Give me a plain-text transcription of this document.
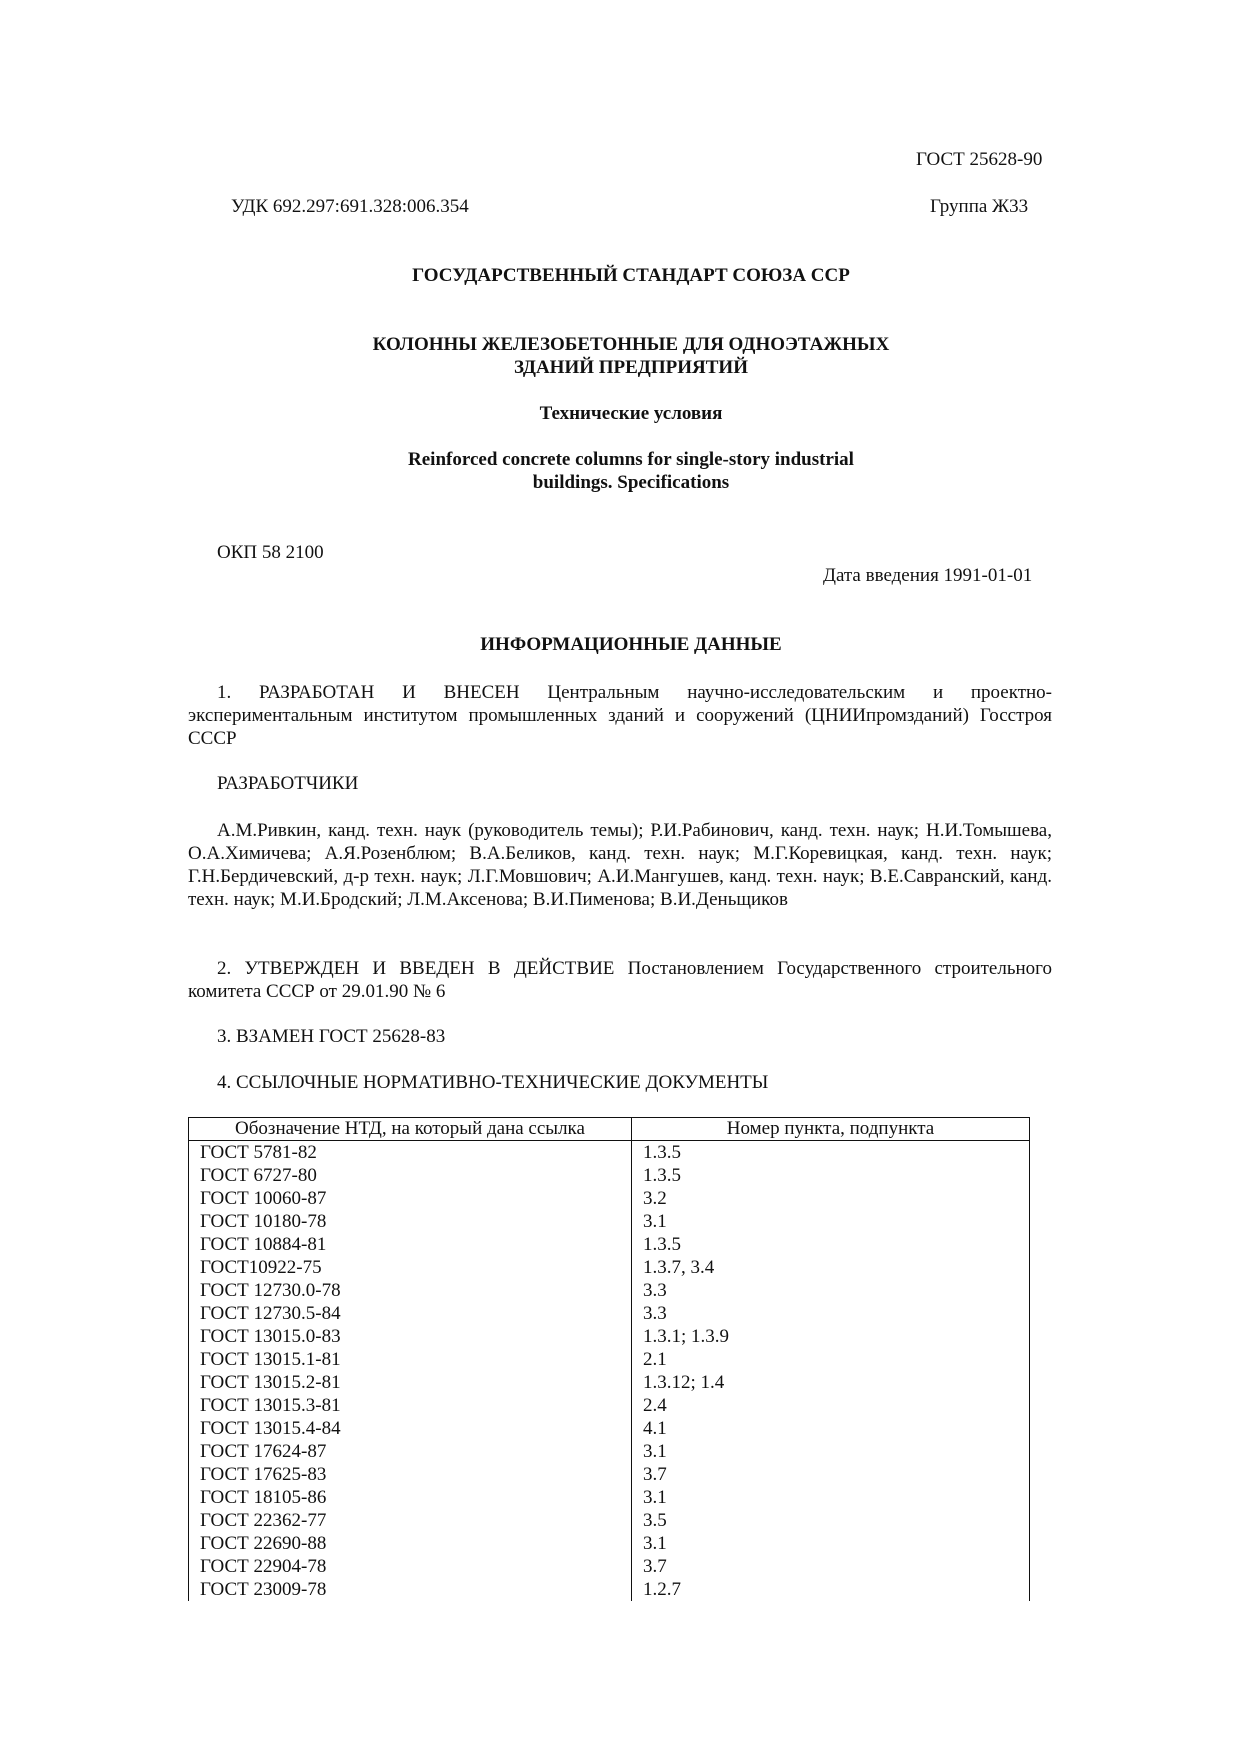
ГОСТ 25628-90
УДК 692.297:691.328:006.354	Группа Ж33
ГОСУДАРСТВЕННЫЙ СТАНДАРТ СОЮЗА ССР
КОЛОННЫ ЖЕЛЕЗОБЕТОННЫЕ ДЛЯ ОДНОЭТАЖНЫХ
ЗДАНИЙ ПРЕДПРИЯТИЙ
Технические условия
Reinforced concrete columns for single-story industrial
buildings. Specifications
ОКП 58 2100
Дата введения 1991-01-01
ИНФОРМАЦИОННЫЕ ДАННЫЕ
1. РАЗРАБОТАН И ВНЕСЕН Центральным научно-исследовательским и проектно-экспериментальным институтом промышленных зданий и сооружений (ЦНИИпромзданий) Госстроя СССР
РАЗРАБОТЧИКИ
А.М.Ривкин, канд. техн. наук (руководитель темы); Р.И.Рабинович, канд. техн. наук; Н.И.Томышева, О.А.Химичева; А.Я.Розенблюм; В.А.Беликов, канд. техн. наук; М.Г.Коревицкая, канд. техн. наук; Г.Н.Бердичевский, д-р техн. наук; Л.Г.Мовшович; А.И.Мангушев, канд. техн. наук; В.Е.Савранский, канд. техн. наук; М.И.Бродский; Л.М.Аксенова; В.И.Пименова; В.И.Деньщиков
2. УТВЕРЖДЕН И ВВЕДЕН В ДЕЙСТВИЕ Постановлением Государственного строительного комитета СССР от 29.01.90 № 6
3. ВЗАМЕН ГОСТ 25628-83
4. ССЫЛОЧНЫЕ НОРМАТИВНО-ТЕХНИЧЕСКИЕ ДОКУМЕНТЫ
Обозначение НТД, на который дана ссылка	Номер пункта, подпункта
ГОСТ 5781-82	1.3.5
ГОСТ 6727-80	1.3.5
ГОСТ 10060-87	3.2
ГОСТ 10180-78	3.1
ГОСТ 10884-81	1.3.5
ГОСТ10922-75	1.3.7, 3.4
ГОСТ 12730.0-78	3.3
ГОСТ 12730.5-84	3.3
ГОСТ 13015.0-83	1.3.1; 1.3.9
ГОСТ 13015.1-81	2.1
ГОСТ 13015.2-81	1.3.12; 1.4
ГОСТ 13015.3-81	2.4
ГОСТ 13015.4-84	4.1
ГОСТ 17624-87	3.1
ГОСТ 17625-83	3.7
ГОСТ 18105-86	3.1
ГОСТ 22362-77	3.5
ГОСТ 22690-88	3.1
ГОСТ 22904-78	3.7
ГОСТ 23009-78	1.2.7
